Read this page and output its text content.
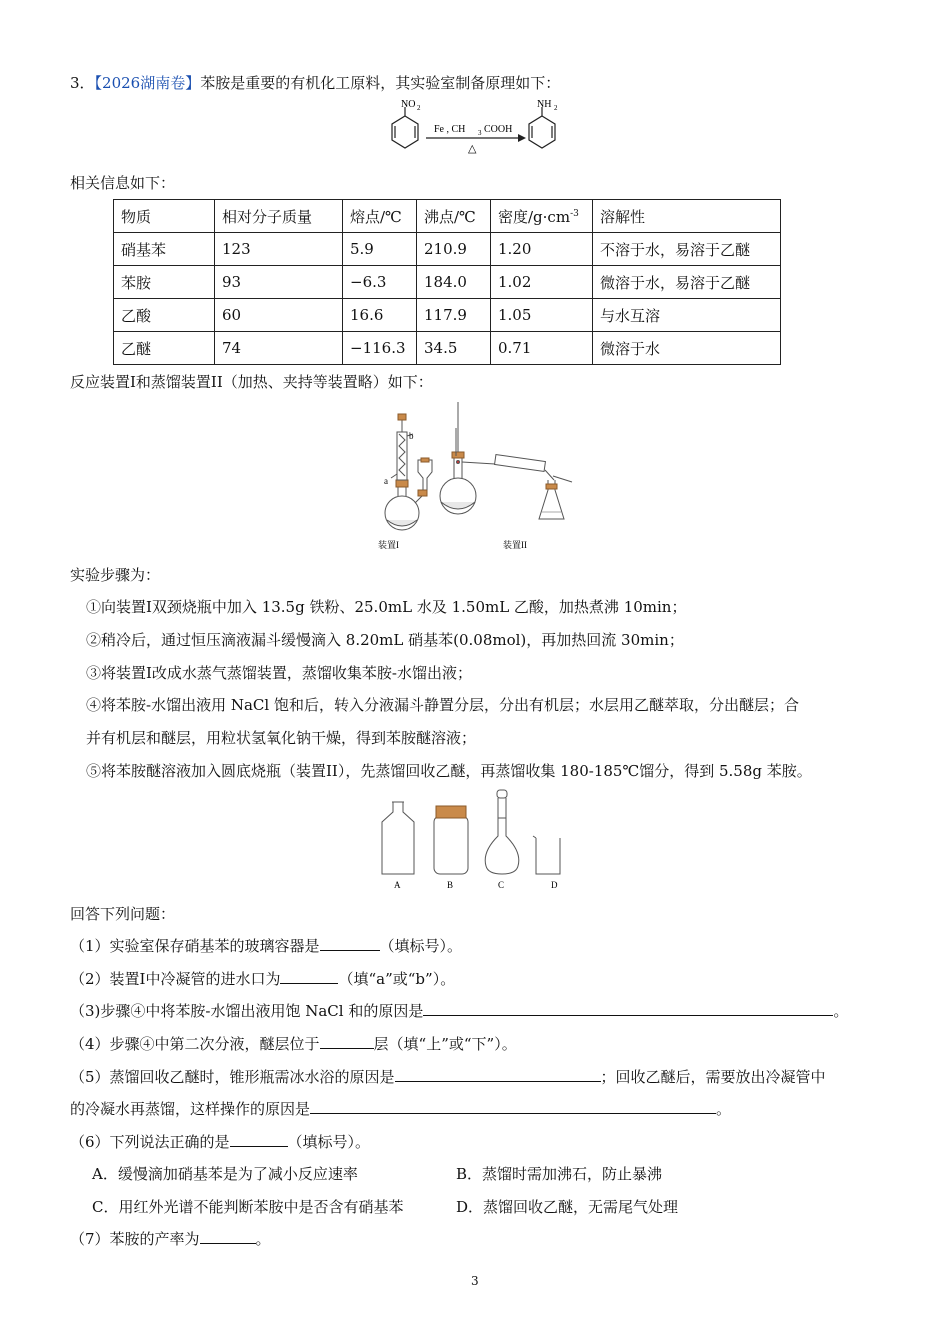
3．【2026湖南卷】苯胺是重要的有机化工原料，其实验室制备原理如下：
NO 2
Fe , CH 3 COOH
△
NH 2
相关信息如下：
物质	相对分子质量	熔点/℃	沸点/℃	密度$/g\cdot cm^{-3}$	溶解性
硝基苯	123	5.9	210.9	1.20	不溶于水，易溶于乙醚
苯胺	93	−6.3	184.0	1.02	微溶于水，易溶于乙醚
乙酸	60	16.6	117.9	1.05	与水互溶
乙醚	74	−116.3	34.5	0.71	微溶于水
反应装置I和蒸馏装置II（加热、夹持等装置略）如下：
a
b
装置I	装置II
实验步骤为：
①向装置I双颈烧瓶中加入 13.5g 铁粉、25.0mL 水及 1.50mL 乙酸，加热煮沸 10min；
②稍冷后，通过恒压滴液漏斗缓慢滴入 8.20mL 硝基苯(0.08mol)，再加热回流 30min；
③将装置I改成水蒸气蒸馏装置，蒸馏收集苯胺-水馏出液；
④将苯胺-水馏出液用 NaCl 饱和后，转入分液漏斗静置分层，分出有机层；水层用乙醚萃取，分出醚层；合
并有机层和醚层，用粒状氢氧化钠干燥，得到苯胺醚溶液；
⑤将苯胺醚溶液加入圆底烧瓶（装置II），先蒸馏回收乙醚，再蒸馏收集 180-185℃馏分，得到 5.58g 苯胺。
A	B	C	D
回答下列问题：
（1）实验室保存硝基苯的玻璃容器是	（填标号）。
（2）装置I中冷凝管的进水口为	（填“a”或“b”）。
（3)步骤④中将苯胺-水馏出液用饱 NaCl 和的原因是	。
（4）步骤④中第二次分液，醚层位于	层（填“上”或“下”）。
（5）蒸馏回收乙醚时，锥形瓶需冰水浴的原因是	；回收乙醚后，需要放出冷凝管中
的冷凝水再蒸馏，这样操作的原因是	。
（6）下列说法正确的是	（填标号）。
A．缓慢滴加硝基苯是为了减小反应速率	B．蒸馏时需加沸石，防止暴沸
C．用红外光谱不能判断苯胺中是否含有硝基苯	D．蒸馏回收乙醚，无需尾气处理
（7）苯胺的产率为	。
3
